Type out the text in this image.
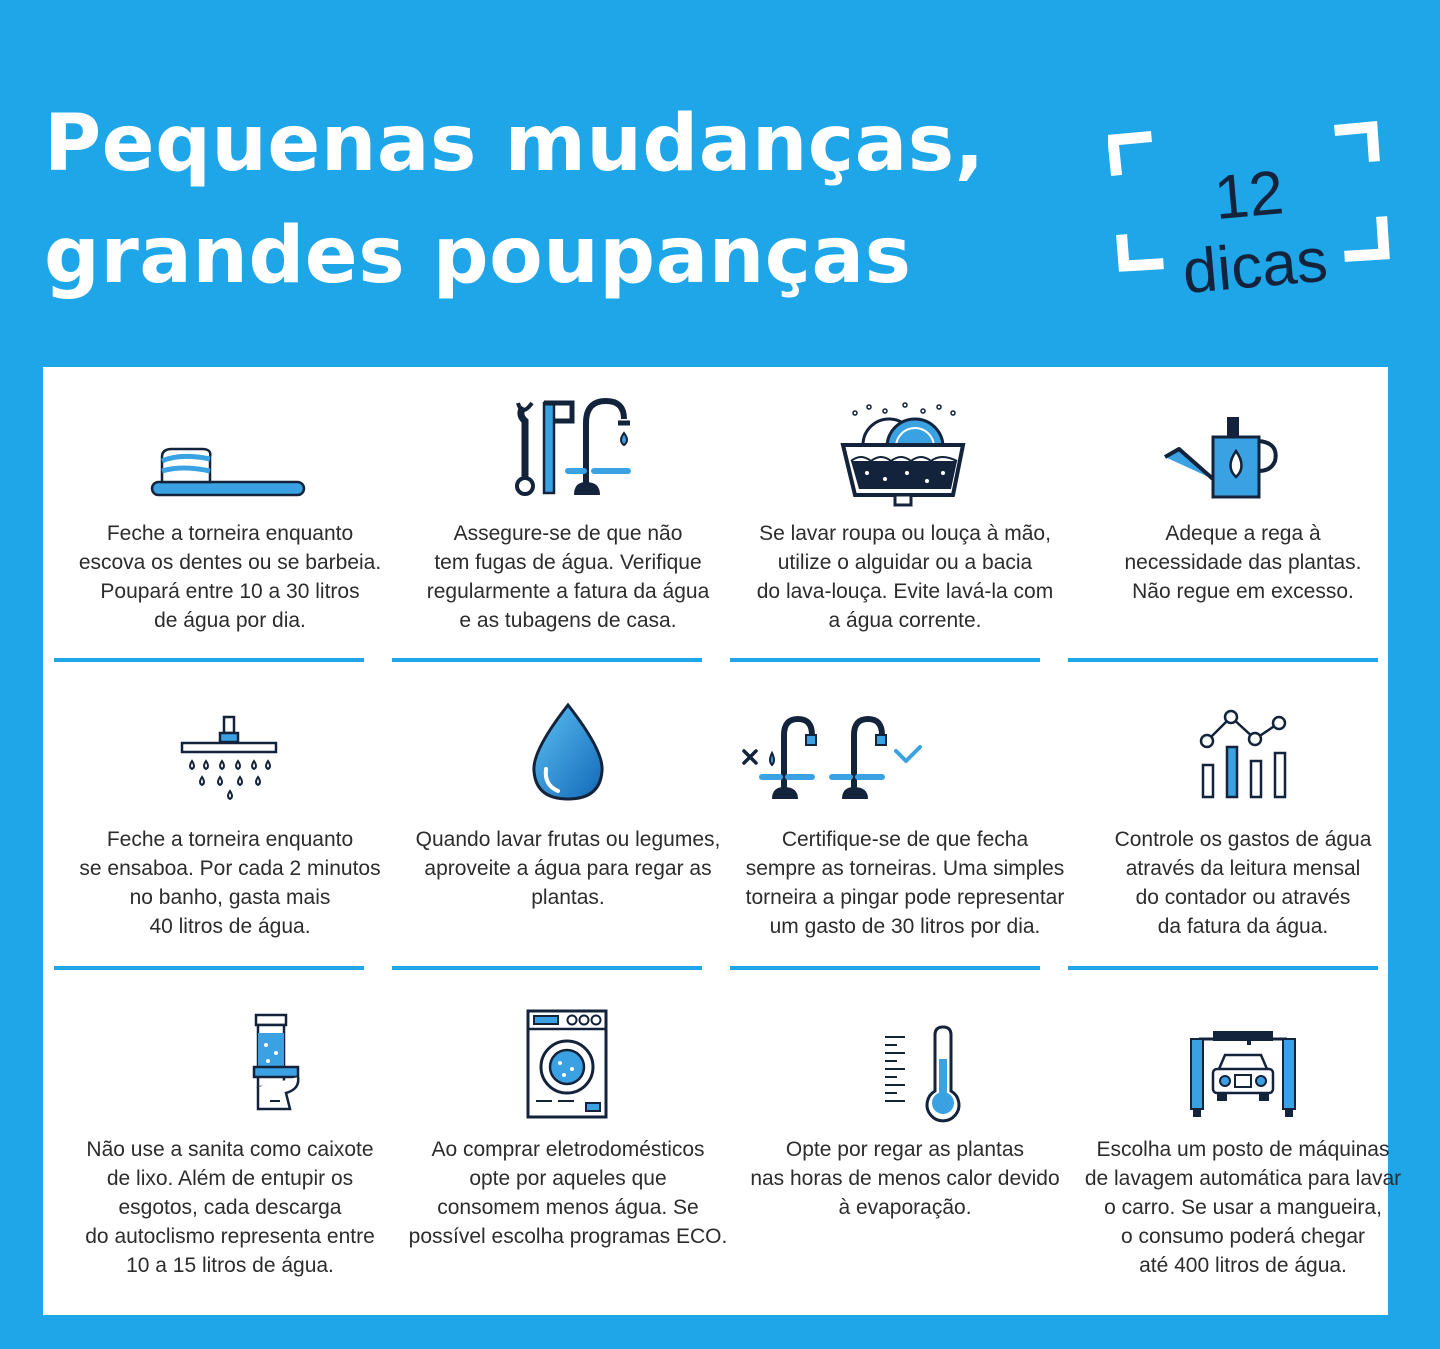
Pequenas mudanças,
grandes poupanças
12 dicas
Feche a torneira enquanto
escova os dentes ou se barbeia.
Poupará entre 10 a 30 litros
de água por dia.
Assegure-se de que não
tem fugas de água. Verifique
regularmente a fatura da água
e as tubagens de casa.
Se lavar roupa ou louça à mão,
utilize o alguidar ou a bacia
do lava-louça. Evite lavá-la com
a água corrente.
Adeque a rega à
necessidade das plantas.
Não regue em excesso.
Feche a torneira enquanto
se ensaboa. Por cada 2 minutos
no banho, gasta mais
40 litros de água.
Quando lavar frutas ou legumes,
aproveite a água para regar as
plantas.
Certifique-se de que fecha
sempre as torneiras. Uma simples
torneira a pingar pode representar
um gasto de 30 litros por dia.
Controle os gastos de água
através da leitura mensal
do contador ou através
da fatura da água.
Não use a sanita como caixote
de lixo. Além de entupir os
esgotos, cada descarga
do autoclismo representa entre
10 a 15 litros de água.
Ao comprar eletrodomésticos
opte por aqueles que
consomem menos água. Se
possível escolha programas ECO.
Opte por regar as plantas
nas horas de menos calor devido
à evaporação.
Escolha um posto de máquinas
de lavagem automática para lavar
o carro. Se usar a mangueira,
o consumo poderá chegar
até 400 litros de água.
